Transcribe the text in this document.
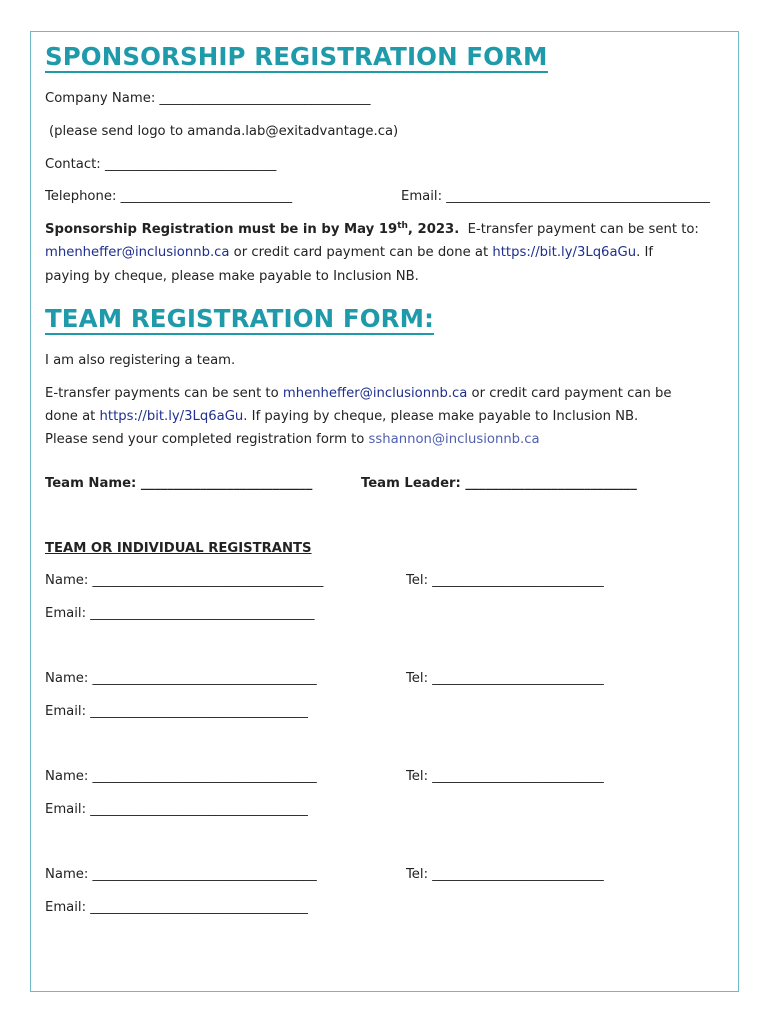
SPONSORSHIP REGISTRATION FORM
Company Name: ________________________________
(please send logo to amanda.lab@exitadvantage.ca)
Contact: __________________________
Telephone: __________________________	Email: ________________________________________
Sponsorship Registration must be in by May 19th, 2023.  E-transfer payment can be sent to:
mhenheffer@inclusionnb.ca or credit card payment can be done at https://bit.ly/3Lq6aGu. If
paying by cheque, please make payable to Inclusion NB.
TEAM REGISTRATION FORM:
I am also registering a team.
E-transfer payments can be sent to mhenheffer@inclusionnb.ca or credit card payment can be
done at https://bit.ly/3Lq6aGu. If paying by cheque, please make payable to Inclusion NB.
Please send your completed registration form to sshannon@inclusionnb.ca
Team Name: __________________________	Team Leader: __________________________
TEAM OR INDIVIDUAL REGISTRANTS
Name: ___________________________________	Tel: __________________________
Email: __________________________________
Name: __________________________________	Tel: __________________________
Email: _________________________________
Name: __________________________________	Tel: __________________________
Email: _________________________________
Name: __________________________________	Tel: __________________________
Email: _________________________________
